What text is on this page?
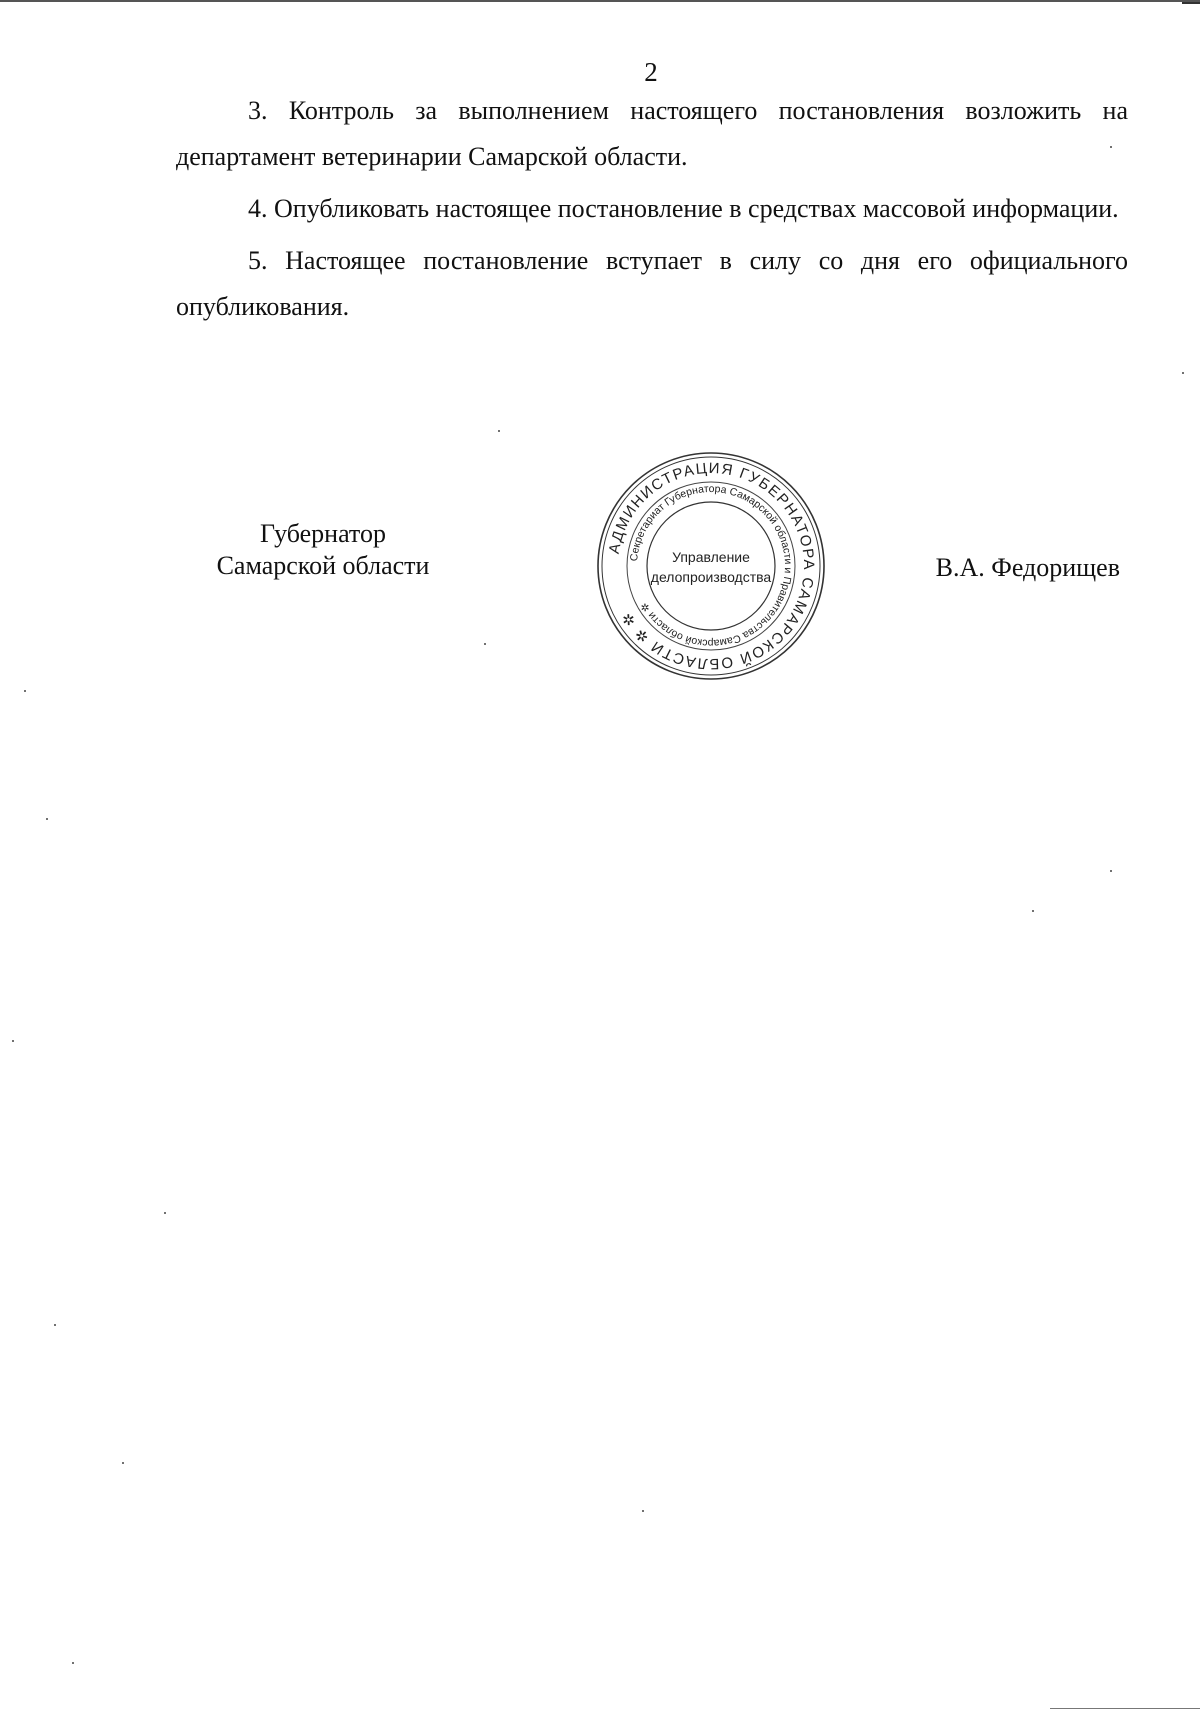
2

3. Контроль за выполнением настоящего постановления возложить на департамент ветеринарии Самарской области.

4. Опубликовать настоящее постановление в средствах массовой информации.

5. Настоящее постановление вступает в силу со дня его официального опубликования.

Губернатор
Самарской области
АДМИНИСТРАЦИЯ ГУБЕРНАТОРА САМАРСКОЙ ОБЛАСТИ ✲ ✲
Секретариат Губернатора Самарской области и Правительства Самарской области ✲
Управление
делопроизводства	В.А. Федорищев
